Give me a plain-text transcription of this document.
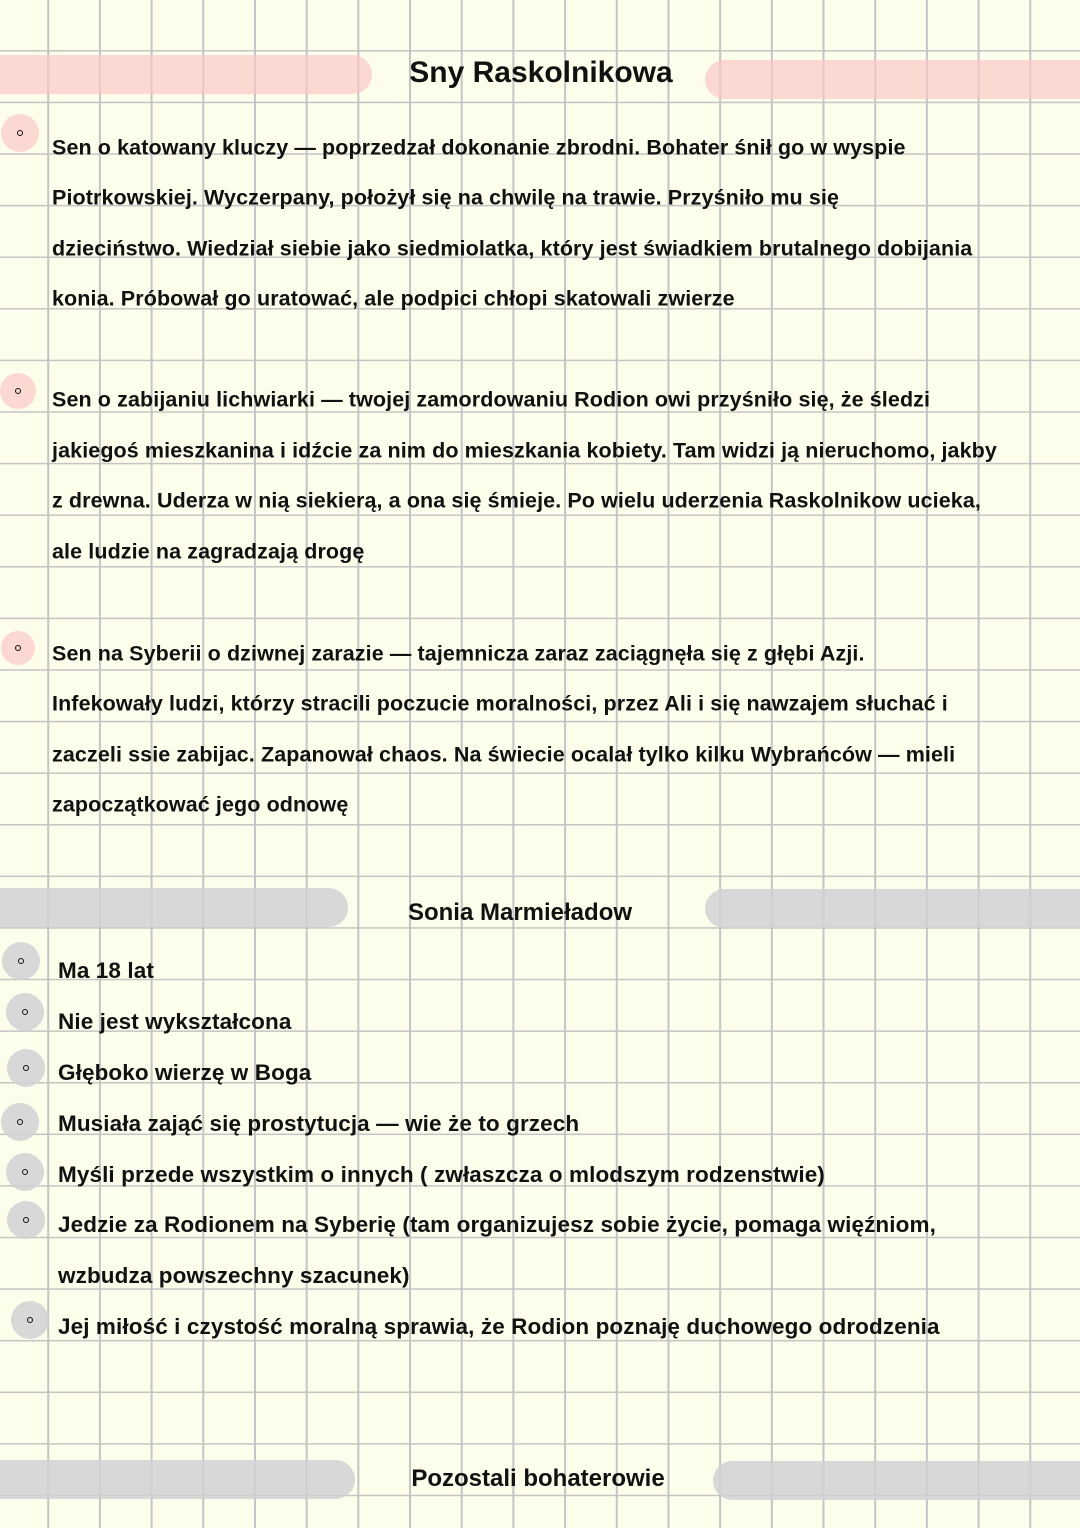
Sny Raskolnikowa
Sen o katowany kluczy — poprzedzał dokonanie zbrodni. Bohater śnił go w wyspie
Piotrkowskiej. Wyczerpany, położył się na chwilę na trawie. Przyśniło mu się
dzieciństwo. Wiedział siebie jako siedmiolatka, który jest świadkiem brutalnego dobijania
konia. Próbował go uratować, ale podpici chłopi skatowali zwierze
Sen o zabijaniu lichwiarki — twojej zamordowaniu Rodion owi przyśniło się, że śledzi
jakiegoś mieszkanina i idźcie za nim do mieszkania kobiety. Tam widzi ją nieruchomo, jakby
z drewna. Uderza w nią siekierą, a ona się śmieje. Po wielu uderzenia Raskolnikow ucieka,
ale ludzie na zagradzają drogę
Sen na Syberii o dziwnej zarazie — tajemnicza zaraz zaciągnęła się z głębi Azji.
Infekowały ludzi, którzy stracili poczucie moralności, przez Ali i się nawzajem słuchać i
zaczeli ssie zabijac. Zapanował chaos. Na świecie ocalał tylko kilku Wybrańców — mieli
zapoczątkować jego odnowę
Sonia Marmieładow
Ma 18 lat
Nie jest wykształcona
Głęboko wierzę w Boga
Musiała zająć się prostytucja — wie że to grzech
Myśli przede wszystkim o innych ( zwłaszcza o mlodszym rodzenstwie)
Jedzie za Rodionem na Syberię (tam organizujesz sobie życie, pomaga więźniom,
wzbudza powszechny szacunek)
Jej miłość i czystość moralną sprawia, że Rodion poznaję duchowego odrodzenia
Pozostali bohaterowie
